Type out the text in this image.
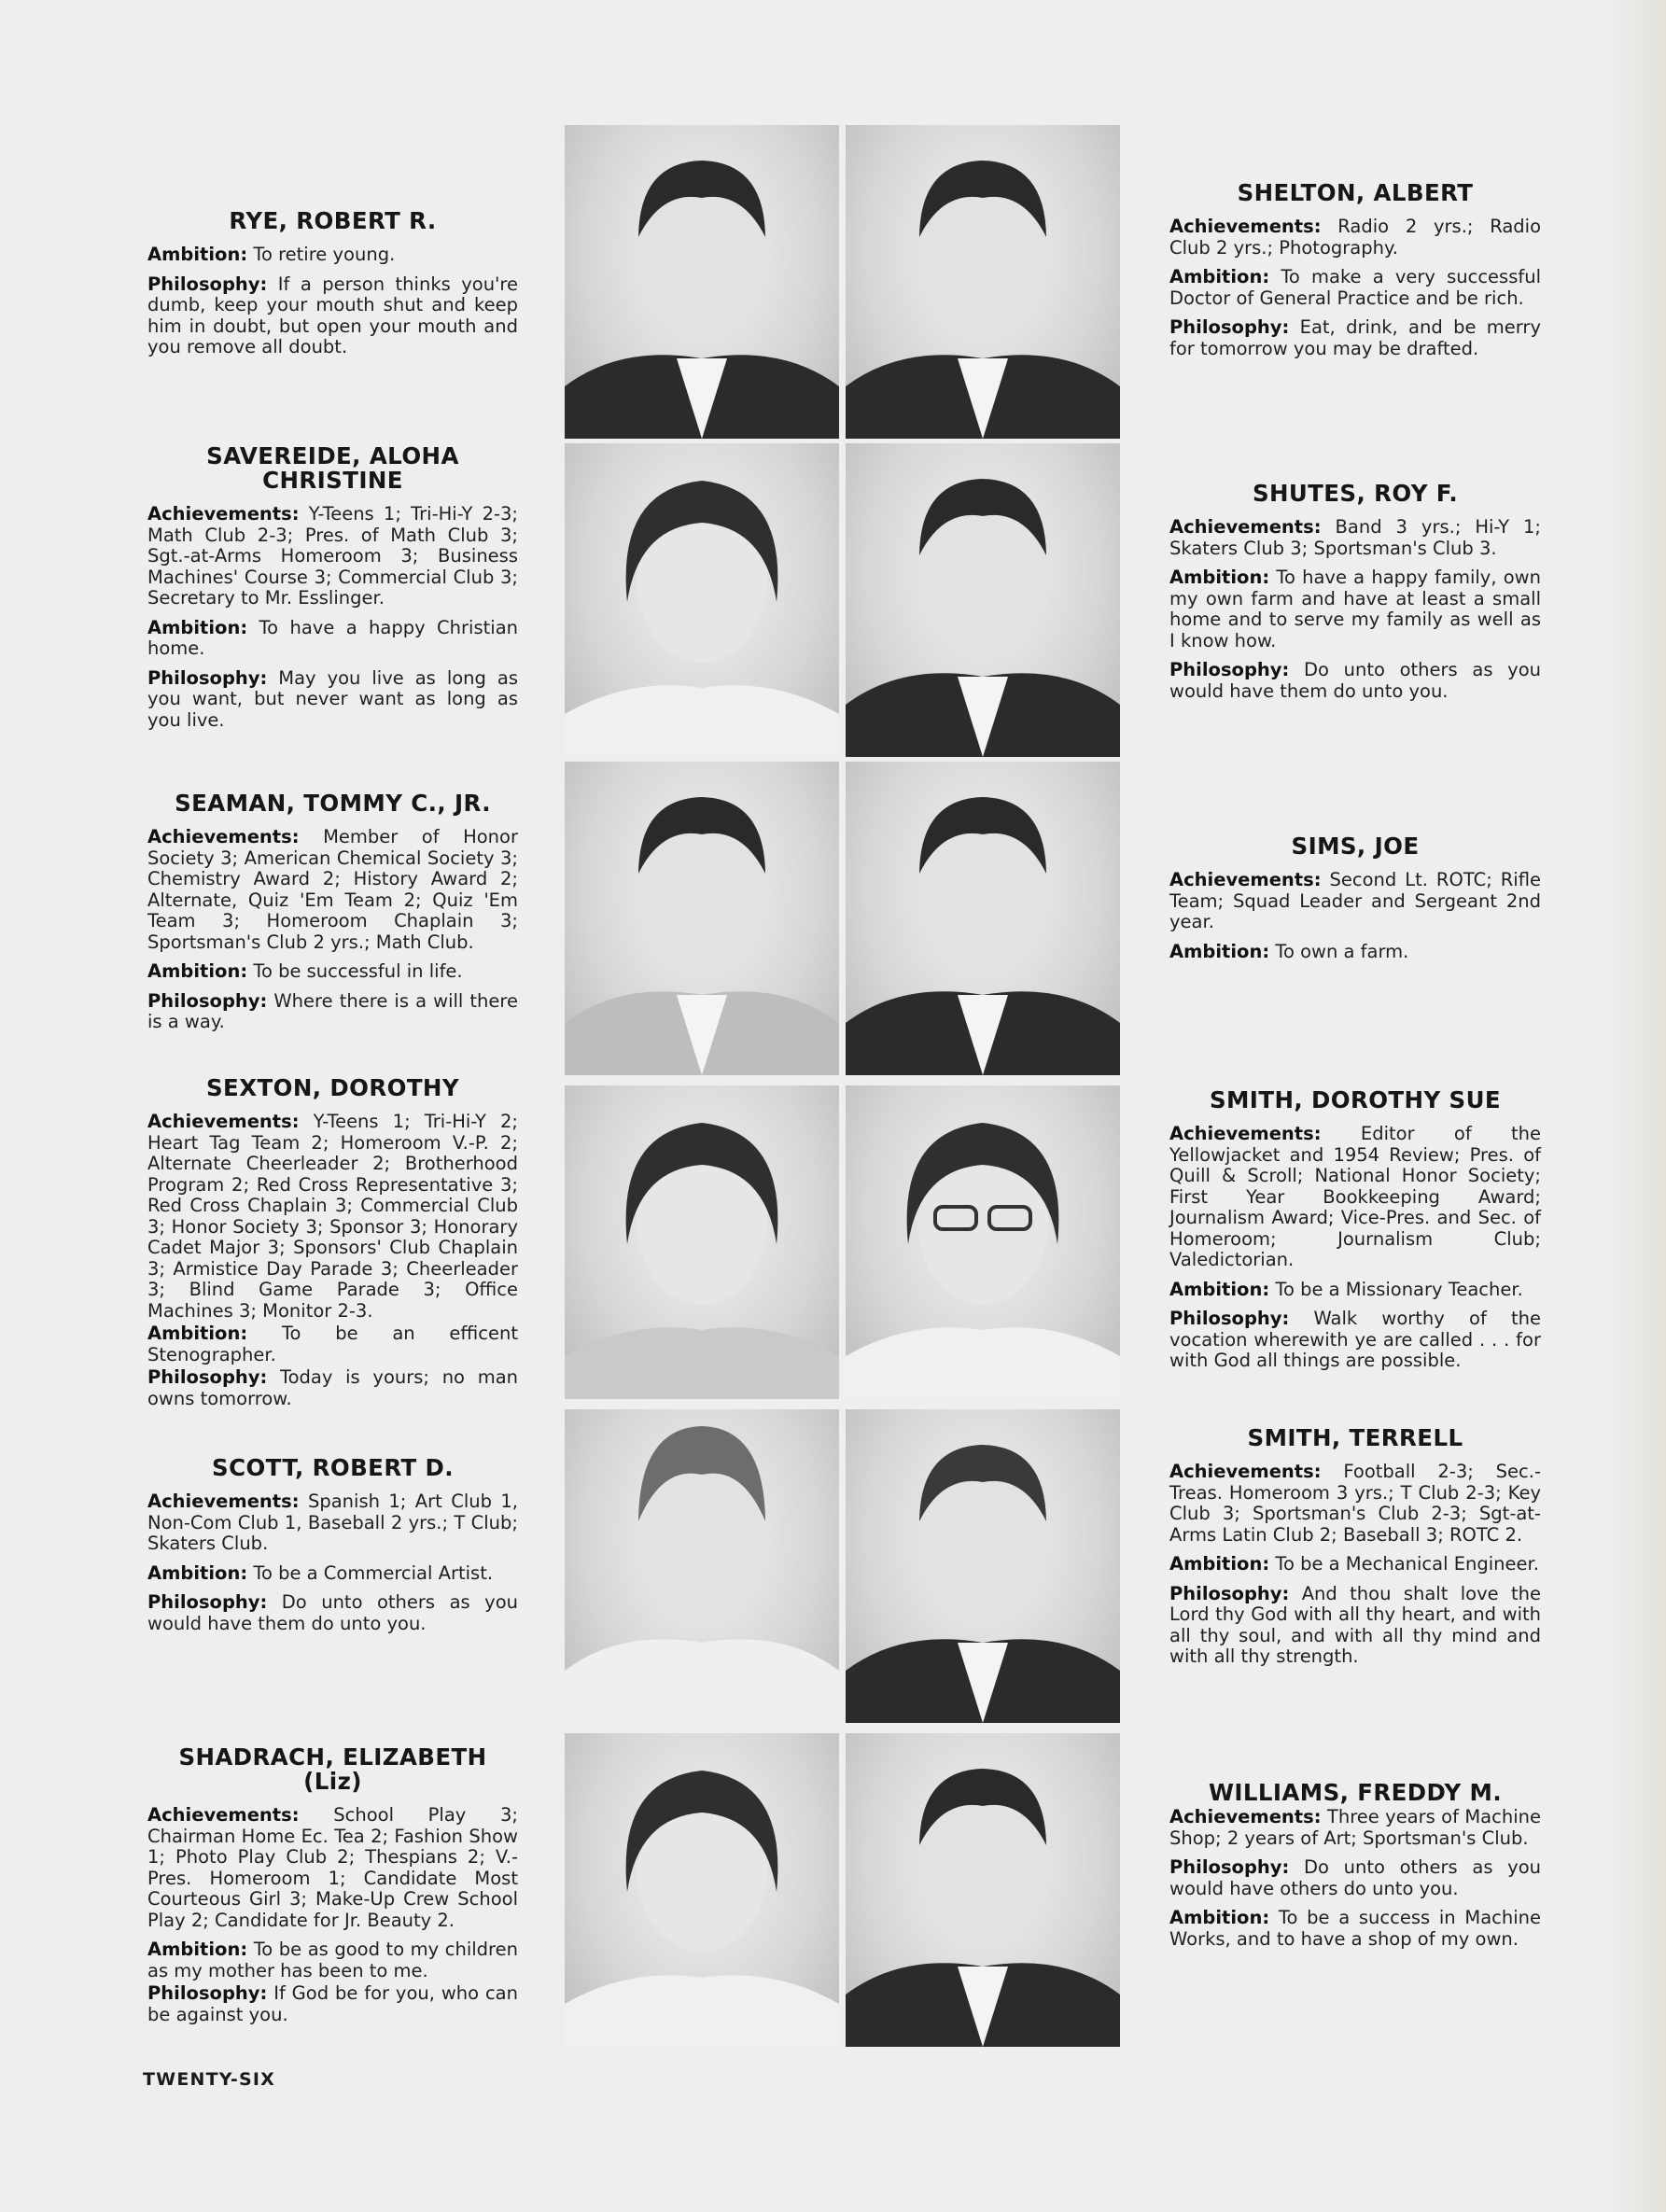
RYE, ROBERT R.

Ambition: To retire young.

Philosophy: If a person thinks you're dumb, keep your mouth shut and keep him in doubt, but open your mouth and you remove all doubt.

SAVEREIDE, ALOHA CHRISTINE

Achievements: Y-Teens 1; Tri-Hi-Y 2-3; Math Club 2-3; Pres. of Math Club 3; Sgt.-at-Arms Homeroom 3; Business Machines' Course 3; Commercial Club 3; Secretary to Mr. Esslinger.

Ambition: To have a happy Christian home.

Philosophy: May you live as long as you want, but never want as long as you live.

SEAMAN, TOMMY C., JR.

Achievements: Member of Honor Society 3; American Chemical Society 3; Chemistry Award 2; History Award 2; Alternate, Quiz 'Em Team 2; Quiz 'Em Team 3; Homeroom Chaplain 3; Sportsman's Club 2 yrs.; Math Club.

Ambition: To be successful in life.

Philosophy: Where there is a will there is a way.

SEXTON, DOROTHY

Achievements: Y-Teens 1; Tri-Hi-Y 2; Heart Tag Team 2; Homeroom V.-P. 2; Alternate Cheerleader 2; Brotherhood Program 2; Red Cross Representative 3; Red Cross Chaplain 3; Commercial Club 3; Honor Society 3; Sponsor 3; Honorary Cadet Major 3; Sponsors' Club Chaplain 3; Armistice Day Parade 3; Cheerleader 3; Blind Game Parade 3; Office Machines 3; Monitor 2-3.

Ambition: To be an efficent Stenographer.

Philosophy: Today is yours; no man owns tomorrow.

SCOTT, ROBERT D.

Achievements: Spanish 1; Art Club 1, Non-Com Club 1, Baseball 2 yrs.; T Club; Skaters Club.

Ambition: To be a Commercial Artist.

Philosophy: Do unto others as you would have them do unto you.

SHADRACH, ELIZABETH (Liz)

Achievements: School Play 3; Chairman Home Ec. Tea 2; Fashion Show 1; Photo Play Club 2; Thespians 2; V.-Pres. Homeroom 1; Candidate Most Courteous Girl 3; Make-Up Crew School Play 2; Candidate for Jr. Beauty 2.

Ambition: To be as good to my children as my mother has been to me.

Philosophy: If God be for you, who can be against you.

SHELTON, ALBERT

Achievements: Radio 2 yrs.; Radio Club 2 yrs.; Photography.

Ambition: To make a very successful Doctor of General Practice and be rich.

Philosophy: Eat, drink, and be merry for tomorrow you may be drafted.

SHUTES, ROY F.

Achievements: Band 3 yrs.; Hi-Y 1; Skaters Club 3; Sportsman's Club 3.

Ambition: To have a happy family, own my own farm and have at least a small home and to serve my family as well as I know how.

Philosophy: Do unto others as you would have them do unto you.

SIMS, JOE

Achievements: Second Lt. ROTC; Rifle Team; Squad Leader and Sergeant 2nd year.

Ambition: To own a farm.

SMITH, DOROTHY SUE

Achievements: Editor of the Yellowjacket and 1954 Review; Pres. of Quill & Scroll; National Honor Society; First Year Bookkeeping Award; Journalism Award; Vice-Pres. and Sec. of Homeroom; Journalism Club; Valedictorian.

Ambition: To be a Missionary Teacher.

Philosophy: Walk worthy of the vocation wherewith ye are called . . . for with God all things are possible.

SMITH, TERRELL

Achievements: Football 2-3; Sec.-Treas. Homeroom 3 yrs.; T Club 2-3; Key Club 3; Sportsman's Club 2-3; Sgt-at-Arms Latin Club 2; Baseball 3; ROTC 2.

Ambition: To be a Mechanical Engineer.

Philosophy: And thou shalt love the Lord thy God with all thy heart, and with all thy soul, and with all thy mind and with all thy strength.

WILLIAMS, FREDDY M.

Achievements: Three years of Machine Shop; 2 years of Art; Sportsman's Club.

Philosophy: Do unto others as you would have others do unto you.

Ambition: To be a success in Machine Works, and to have a shop of my own.

TWENTY-SIX
